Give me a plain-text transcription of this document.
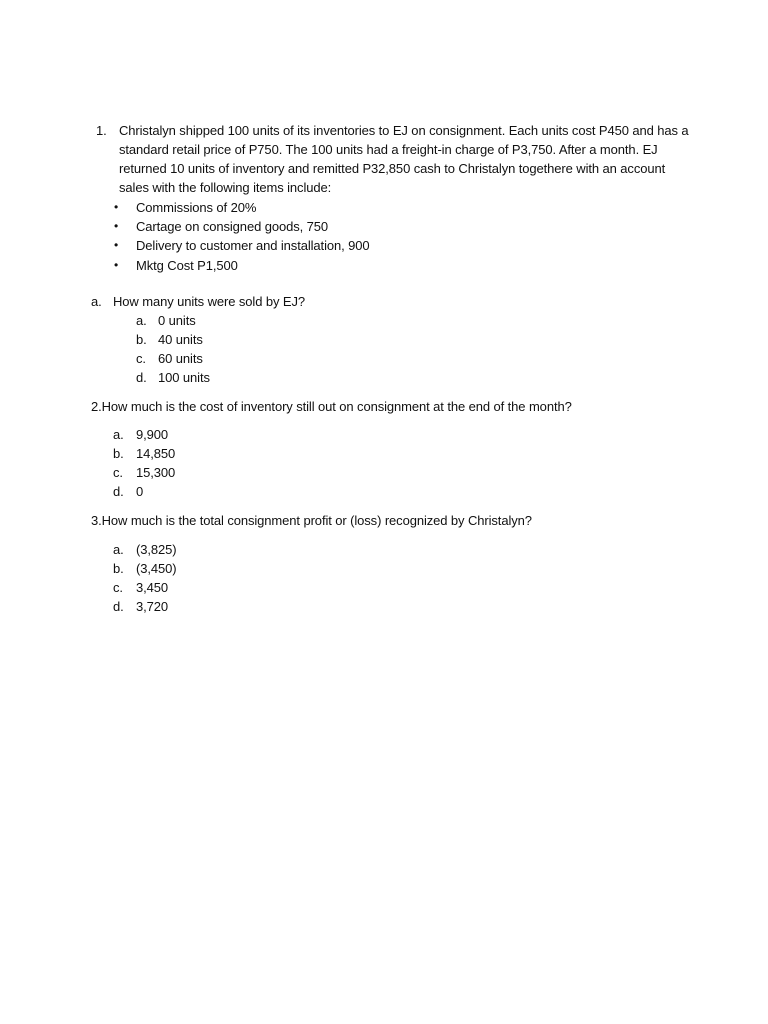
1. Christalyn shipped 100 units of its inventories to EJ on consignment. Each units cost P450 and has a
standard retail price of P750. The 100 units had a freight-in charge of P3,750. After a month. EJ
returned 10 units of inventory and remitted P32,850 cash to Christalyn togethere with an account
sales with the following items include:
• Commissions of 20%
• Cartage on consigned goods, 750
• Delivery to customer and installation, 900
• Mktg Cost P1,500
a. How many units were sold by EJ?
a. 0 units
b. 40 units
c. 60 units
d. 100 units
2.How much is the cost of inventory still out on consignment at the end of the month?
a. 9,900
b. 14,850
c. 15,300
d. 0
3.How much is the total consignment profit or (loss) recognized by Christalyn?
a. (3,825)
b. (3,450)
c. 3,450
d. 3,720
